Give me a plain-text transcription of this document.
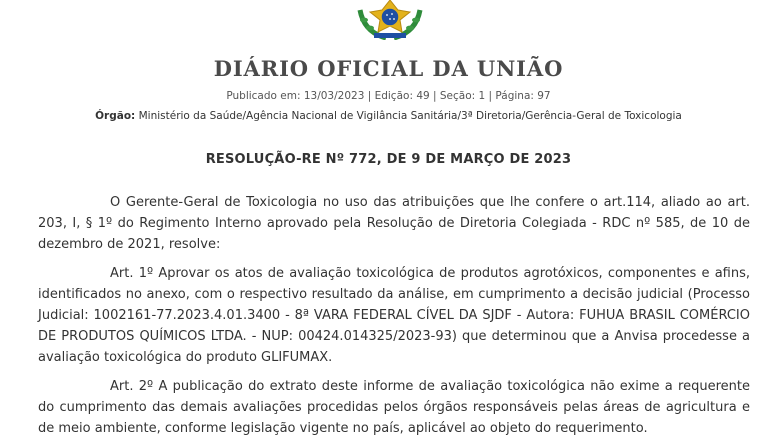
DIÁRIO OFICIAL DA UNIÃO
Publicado em: 13/03/2023 | Edição: 49 | Seção: 1 | Página: 97
Órgão: Ministério da Saúde/Agência Nacional de Vigilância Sanitária/3ª Diretoria/Gerência-Geral de Toxicologia
RESOLUÇÃO-RE Nº 772, DE 9 DE MARÇO DE 2023

O Gerente-Geral de Toxicologia no uso das atribuições que lhe confere o art.114, aliado ao art. 203, I, § 1º do Regimento Interno aprovado pela Resolução de Diretoria Colegiada - RDC nº 585, de 10 de dezembro de 2021, resolve:

Art. 1º Aprovar os atos de avaliação toxicológica de produtos agrotóxicos, componentes e afins, identificados no anexo, com o respectivo resultado da análise, em cumprimento a decisão judicial (Processo Judicial: 1002161-77.2023.4.01.3400 - 8ª VARA FEDERAL CÍVEL DA SJDF - Autora: FUHUA BRASIL COMÉRCIO DE PRODUTOS QUÍMICOS LTDA. - NUP: 00424.014325/2023-93) que determinou que a Anvisa procedesse a avaliação toxicológica do produto GLIFUMAX.

Art. 2º A publicação do extrato deste informe de avaliação toxicológica não exime a requerente do cumprimento das demais avaliações procedidas pelos órgãos responsáveis pelas áreas de agricultura e de meio ambiente, conforme legislação vigente no país, aplicável ao objeto do requerimento.
